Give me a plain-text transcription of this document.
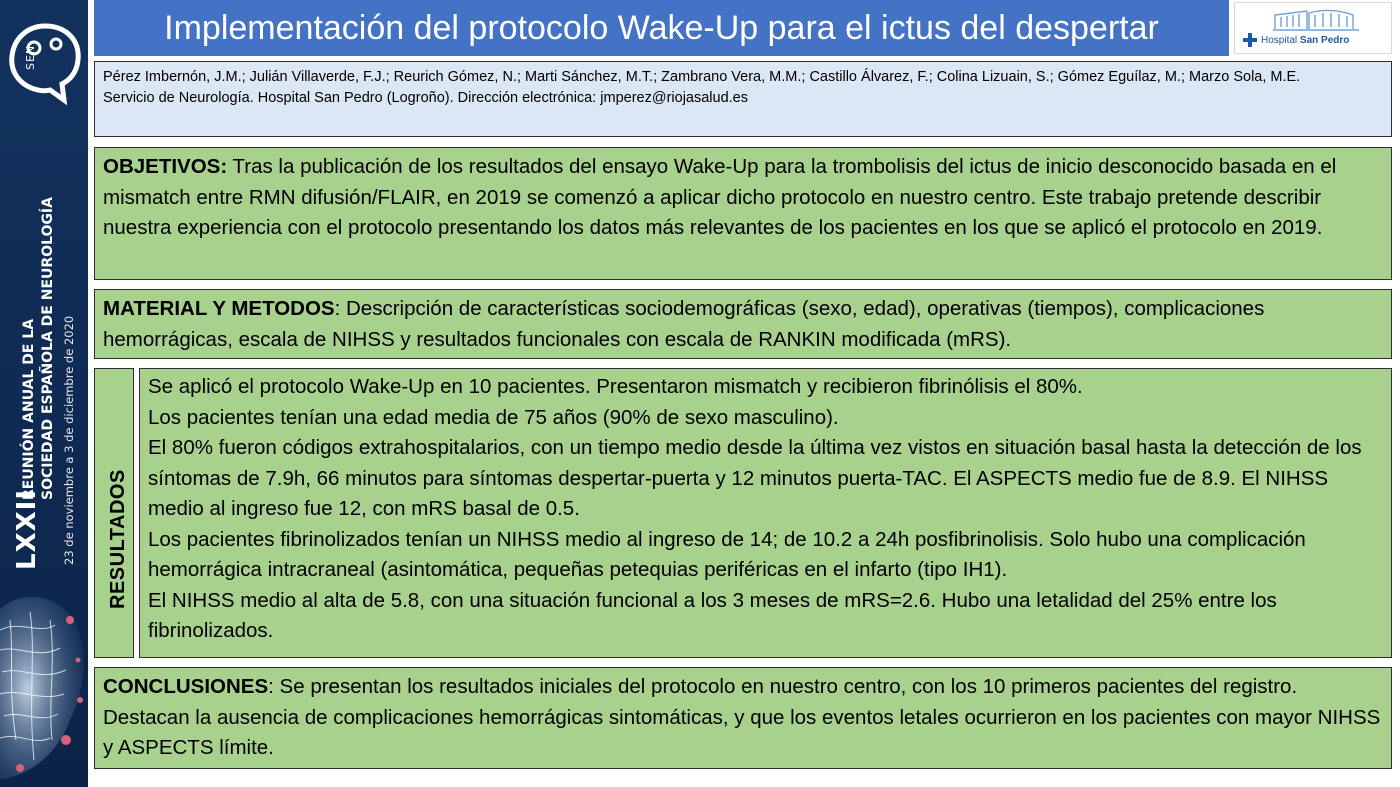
SEN
LXXII
REUNIÓN ANUAL DE LA SOCIEDAD ESPAÑOLA DE NEUROLOGÍA 23 de noviembre a 3 de diciembre de 2020
Implementación del protocolo Wake-Up para el ictus del despertar	Hospital San Pedro
Pérez Imbernón, J.M.; Julián Villaverde, F.J.; Reurich Gómez, N.; Marti Sánchez, M.T.; Zambrano Vera, M.M.; Castillo Álvarez, F.; Colina Lizuain, S.; Gómez Eguílaz, M.; Marzo Sola, M.E.
Servicio de Neurología. Hospital San Pedro (Logroño). Dirección electrónica: jmperez@riojasalud.es
OBJETIVOS: Tras la publicación de los resultados del ensayo Wake-Up para la trombolisis del ictus de inicio desconocido basada en el mismatch entre RMN difusión/FLAIR, en 2019 se comenzó a aplicar dicho protocolo en nuestro centro. Este trabajo pretende describir nuestra experiencia con el protocolo presentando los datos más relevantes de los pacientes en los que se aplicó el protocolo en 2019.
MATERIAL Y METODOS: Descripción de características sociodemográficas (sexo, edad), operativas (tiempos), complicaciones hemorrágicas, escala de NIHSS y resultados funcionales con escala de RANKIN modificada (mRS).
RESULTADOS

Se aplicó el protocolo Wake-Up en 10 pacientes. Presentaron mismatch y recibieron fibrinólisis el 80%.

Los pacientes tenían una edad media de 75 años (90% de sexo masculino).

El 80% fueron códigos extrahospitalarios, con un tiempo medio desde la última vez vistos en situación basal hasta la detección de los síntomas de 7.9h, 66 minutos para síntomas despertar-puerta y 12 minutos puerta-TAC. El ASPECTS medio fue de 8.9. El NIHSS medio al ingreso fue 12, con mRS basal de 0.5.

Los pacientes fibrinolizados tenían un NIHSS medio al ingreso de 14; de 10.2 a 24h posfibrinolisis. Solo hubo una complicación hemorrágica intracraneal (asintomática, pequeñas petequias periféricas en el infarto (tipo IH1).

El NIHSS medio al alta de 5.8, con una situación funcional a los 3 meses de mRS=2.6. Hubo una letalidad del 25% entre los fibrinolizados.

CONCLUSIONES: Se presentan los resultados iniciales del protocolo en nuestro centro, con los 10 primeros pacientes del registro. Destacan la ausencia de complicaciones hemorrágicas sintomáticas, y que los eventos letales ocurrieron en los pacientes con mayor NIHSS y ASPECTS límite.
